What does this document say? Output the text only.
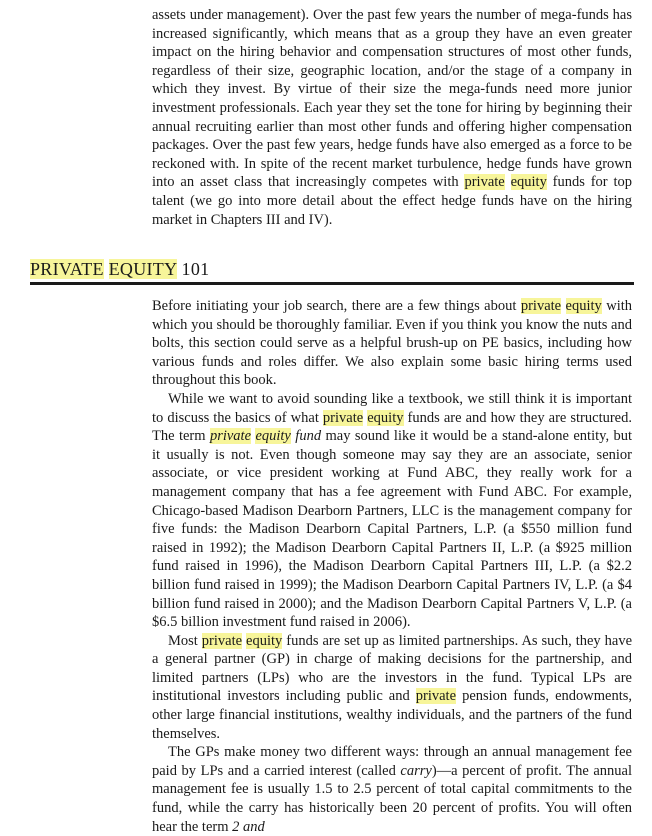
assets under management). Over the past few years the number of mega-funds has increased significantly, which means that as a group they have an even greater impact on the hiring behavior and compensation structures of most other funds, regardless of their size, geographic location, and/or the stage of a company in which they invest. By virtue of their size the mega-funds need more junior investment professionals. Each year they set the tone for hiring by beginning their annual recruiting earlier than most other funds and offering higher compensation packages. Over the past few years, hedge funds have also emerged as a force to be reckoned with. In spite of the recent market turbulence, hedge funds have grown into an asset class that increasingly competes with private equity funds for top talent (we go into more detail about the effect hedge funds have on the hiring market in Chapters III and IV).

PRIVATE EQUITY 101

Before initiating your job search, there are a few things about private equity with which you should be thoroughly familiar. Even if you think you know the nuts and bolts, this section could serve as a helpful brush-up on PE basics, including how various funds and roles differ. We also explain some basic hiring terms used throughout this book.

While we want to avoid sounding like a textbook, we still think it is important to discuss the basics of what private equity funds are and how they are structured. The term private equity fund may sound like it would be a stand-alone entity, but it usually is not. Even though someone may say they are an associate, senior associate, or vice president working at Fund ABC, they really work for a management company that has a fee agreement with Fund ABC. For example, Chicago-based Madison Dearborn Partners, LLC is the management company for five funds: the Madison Dearborn Capital Partners, L.P. (a $550 million fund raised in 1992); the Madison Dearborn Capital Partners II, L.P. (a $925 million fund raised in 1996), the Madison Dearborn Capital Partners III, L.P. (a $2.2 billion fund raised in 1999); the Madison Dearborn Capital Partners IV, L.P. (a $4 billion fund raised in 2000); and the Madison Dearborn Capital Partners V, L.P. (a $6.5 billion investment fund raised in 2006).

Most private equity funds are set up as limited partnerships. As such, they have a general partner (GP) in charge of making decisions for the partnership, and limited partners (LPs) who are the investors in the fund. Typical LPs are institutional investors including public and private pension funds, endowments, other large financial institutions, wealthy individuals, and the partners of the fund themselves.

The GPs make money two different ways: through an annual management fee paid by LPs and a carried interest (called carry)—a percent of profit. The annual management fee is usually 1.5 to 2.5 percent of total capital commitments to the fund, while the carry has historically been 20 percent of profits. You will often hear the term 2 and
